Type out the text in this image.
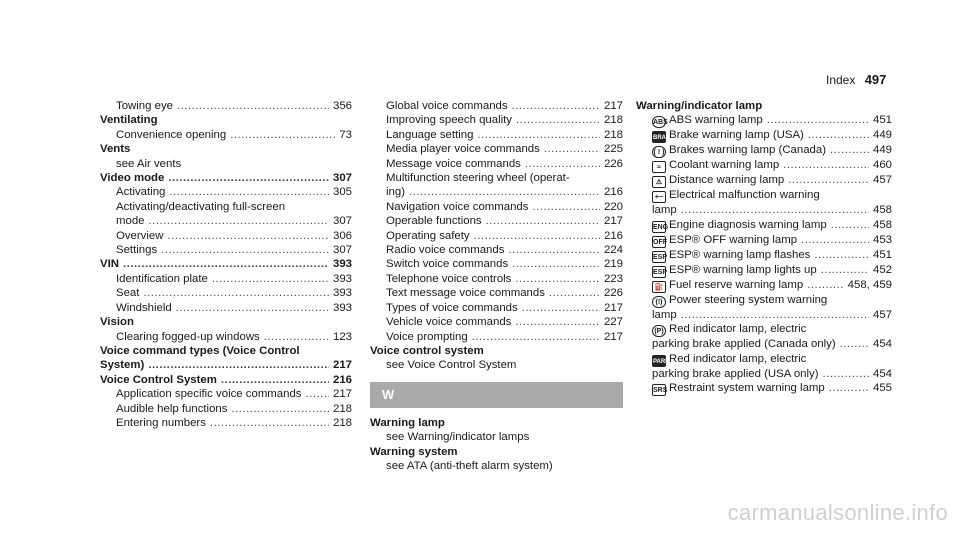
Index 497
Towing eye .....	356
Ventilating
Convenience opening .....	73
Vents
see Air vents
Video mode .....	307
Activating .....	305
Activating/deactivating full-screen
mode .....	307
Overview .....	306
Settings .....	307
VIN .....	393
Identification plate .....	393
Seat .....	393
Windshield .....	393
Vision
Clearing fogged-up windows .....	123
Voice command types (Voice Control
System) .....	217
Voice Control System .....	216
Application specific voice commands .....	217
Audible help functions .....	218
Entering numbers .....	218
Global voice commands .....	217
Improving speech quality .....	218
Language setting .....	218
Media player voice commands .....	225
Message voice commands .....	226
Multifunction steering wheel (operat-
ing) .....	216
Navigation voice commands .....	220
Operable functions .....	217
Operating safety .....	216
Radio voice commands .....	224
Switch voice commands .....	219
Telephone voice controls .....	223
Text message voice commands .....	226
Types of voice commands .....	217
Vehicle voice commands .....	227
Voice prompting .....	217
Voice control system
see Voice Control System
W
Warning lamp
see Warning/indicator lamps
Warning system
see ATA (anti-theft alarm system)
Warning/indicator lamp
ABSABS warning lamp .....	451
BRAKEBrake warning lamp (USA) .....	449
( ! ) Brakes warning lamp (Canada) .....	449
≈ Coolant warning lamp .....	460
⚠ Distance warning lamp .....	457
+− Electrical malfunction warning
lamp .....	458
ENGEngine diagnosis warning lamp .....	458
OFF ESP® OFF warning lamp .....	453
ESP ESP® warning lamp flashes .....	451
ESP ESP® warning lamp lights up .....	452
⛽ Fuel reserve warning lamp .....	458, 459
(!) Power steering system warning
lamp .....	457
(P) Red indicator lamp, electric
parking brake applied (Canada only) .....	454
PARKRed indicator lamp, electric
parking brake applied (USA only) .....	454
SRS Restraint system warning lamp .....	455
carmanualsonline.info
